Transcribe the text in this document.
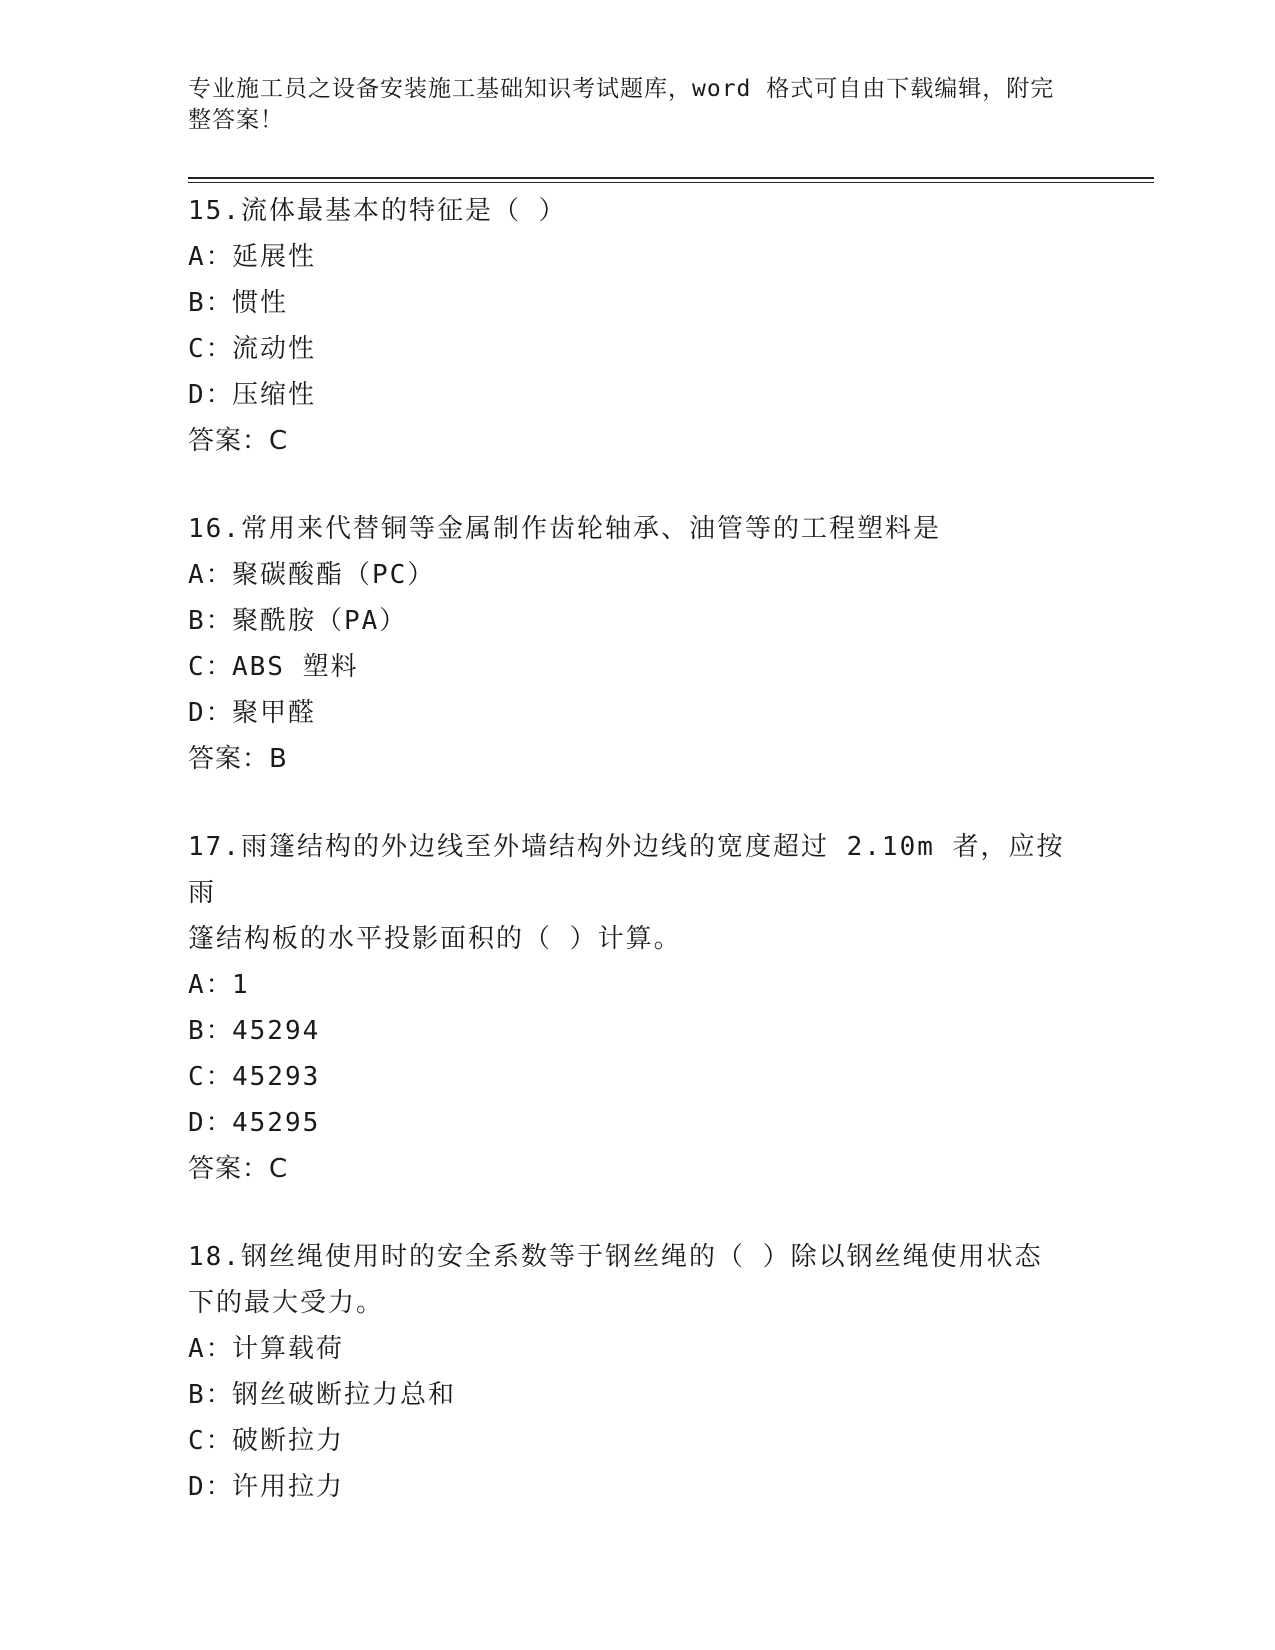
专业施工员之设备安装施工基础知识考试题库，word 格式可自由下载编辑，附完
整答案！

15.流体最基本的特征是（ ）

A：延展性

B：惯性

C：流动性

D：压缩性

答案：C

16.常用来代替铜等金属制作齿轮轴承、油管等的工程塑料是

A：聚碳酸酯（PC）

B：聚酰胺（PA）

C：ABS 塑料

D：聚甲醛

答案：B

17.雨篷结构的外边线至外墙结构外边线的宽度超过 2.10m 者，应按雨

篷结构板的水平投影面积的（ ）计算。

A：1

B：45294

C：45293

D：45295

答案：C

18.钢丝绳使用时的安全系数等于钢丝绳的（ ）除以钢丝绳使用状态

下的最大受力。

A：计算载荷

B：钢丝破断拉力总和

C：破断拉力

D：许用拉力
